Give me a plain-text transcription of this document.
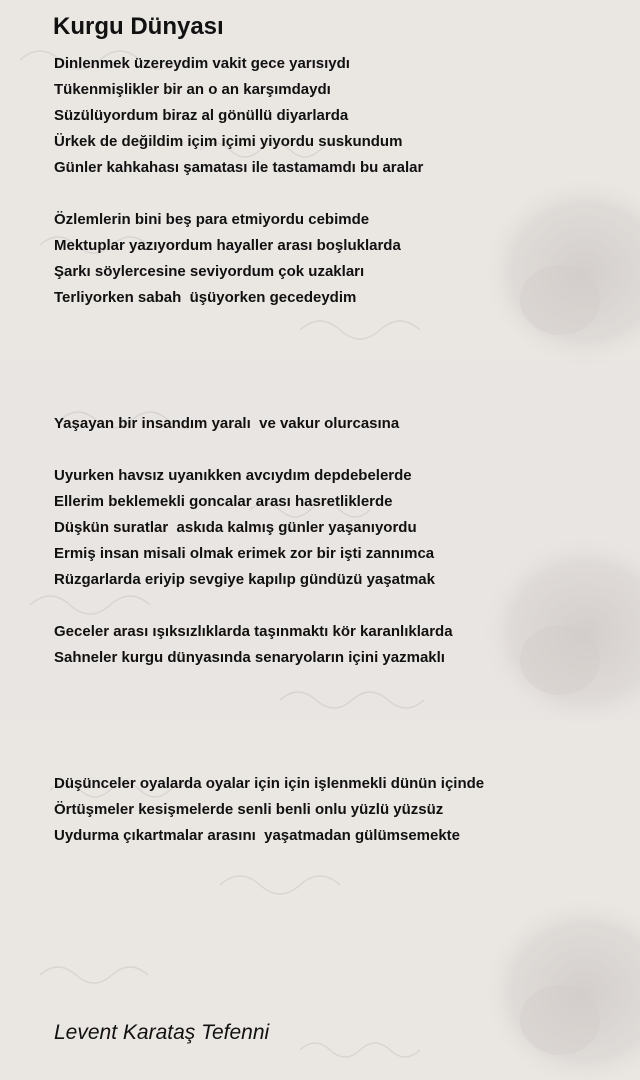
Kurgu Dünyası

Dinlenmek üzereydim vakit gece yarısıydı

Tükenmişlikler bir an o an karşımdaydı

Süzülüyordum biraz al gönüllü diyarlarda

Ürkek de değildim içim içimi yiyordu suskundum

Günler kahkahası şamatası ile tastamamdı bu aralar

Özlemlerin bini beş para etmiyordu cebimde

Mektuplar yazıyordum hayaller arası boşluklarda

Şarkı söylercesine seviyordum çok uzakları

Terliyorken sabah  üşüyorken gecedeydim

Yaşayan bir insandım yaralı  ve vakur olurcasına

Uyurken havsız uyanıkken avcıydım depdebelerde

Ellerim beklemekli goncalar arası hasretliklerde

Düşkün suratlar  askıda kalmış günler yaşanıyordu

Ermiş insan misali olmak erimek zor bir işti zannımca

Rüzgarlarda eriyip sevgiye kapılıp gündüzü yaşatmak

Geceler arası ışıksızlıklarda taşınmaktı kör karanlıklarda

Sahneler kurgu dünyasında senaryoların içini yazmaklı

Düşünceler oyalarda oyalar için için işlenmekli dünün içinde

Örtüşmeler kesişmelerde senli benli onlu yüzlü yüzsüz

Uydurma çıkartmalar arasını  yaşatmadan gülümsemekte

Levent Karataş Tefenni
